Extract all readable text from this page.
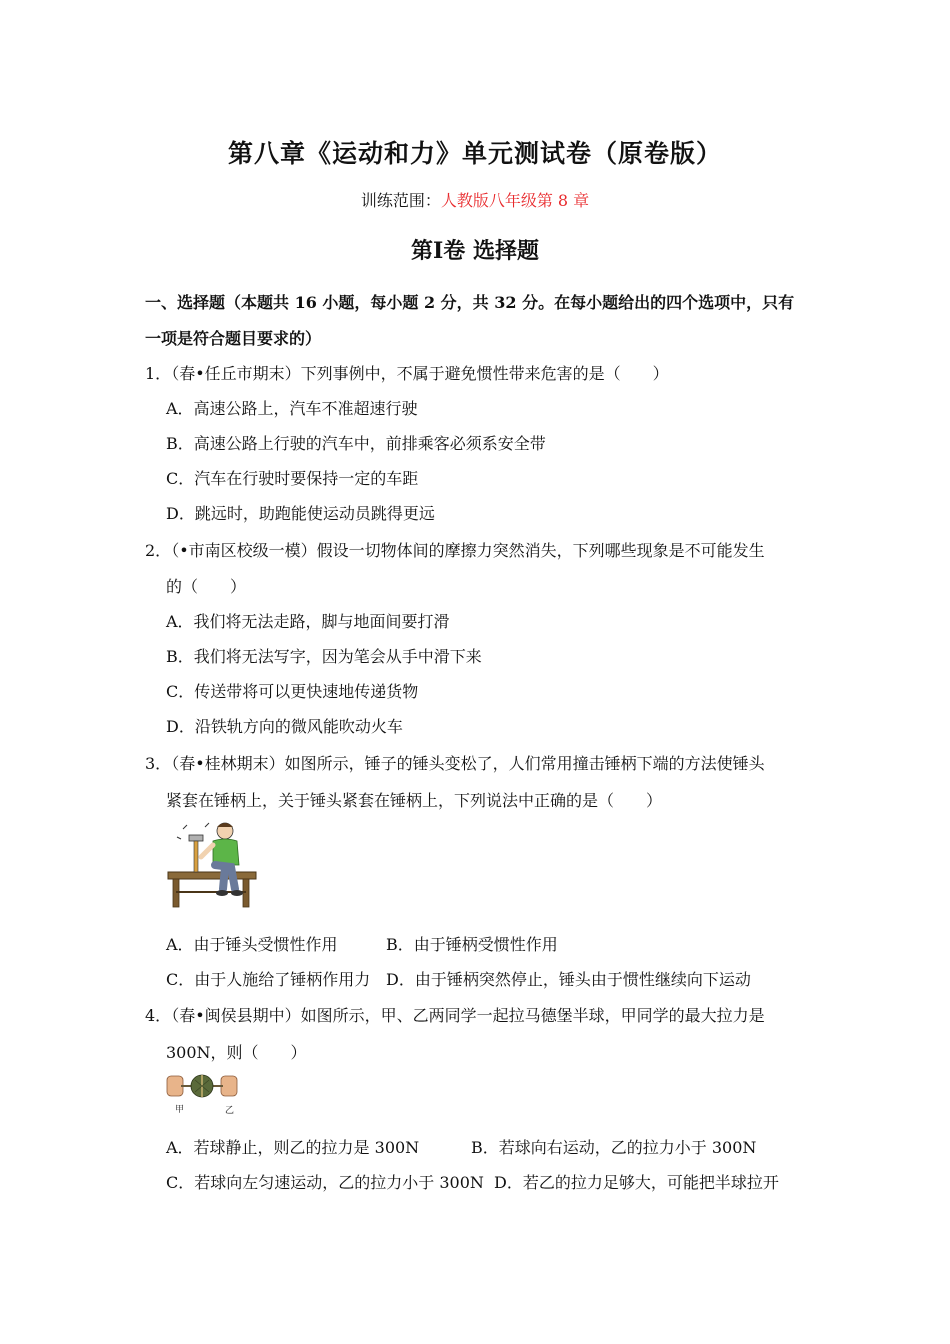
第八章《运动和力》单元测试卷（原卷版）
训练范围：人教版八年级第 8 章
第Ⅰ卷 选择题
一、选择题（本题共 16 小题，每小题 2 分，共 32 分。在每小题给出的四个选项中，只有
一项是符合题目要求的）
1．（春•任丘市期末）下列事例中，不属于避免惯性带来危害的是（　　）
A．高速公路上，汽车不准超速行驶
B．高速公路上行驶的汽车中，前排乘客必须系安全带
C．汽车在行驶时要保持一定的车距
D．跳远时，助跑能使运动员跳得更远
2．（•市南区校级一模）假设一切物体间的摩擦力突然消失，下列哪些现象是不可能发生
的（　　）
A．我们将无法走路，脚与地面间要打滑
B．我们将无法写字，因为笔会从手中滑下来
C．传送带将可以更快速地传递货物
D．沿铁轨方向的微风能吹动火车
3．（春•桂林期末）如图所示，锤子的锤头变松了，人们常用撞击锤柄下端的方法使锤头
紧套在锤柄上，关于锤头紧套在锤柄上，下列说法中正确的是（　　）
A．由于锤头受惯性作用	B．由于锤柄受惯性作用
C．由于人施给了锤柄作用力 D．由于锤柄突然停止，锤头由于惯性继续向下运动
4．（春•闽侯县期中）如图所示，甲、乙两同学一起拉马德堡半球，甲同学的最大拉力是
300N，则（　　）
甲	乙
A．若球静止，则乙的拉力是 300N	B．若球向右运动，乙的拉力小于 300N
C．若球向左匀速运动，乙的拉力小于 300N D．若乙的拉力足够大，可能把半球拉开
